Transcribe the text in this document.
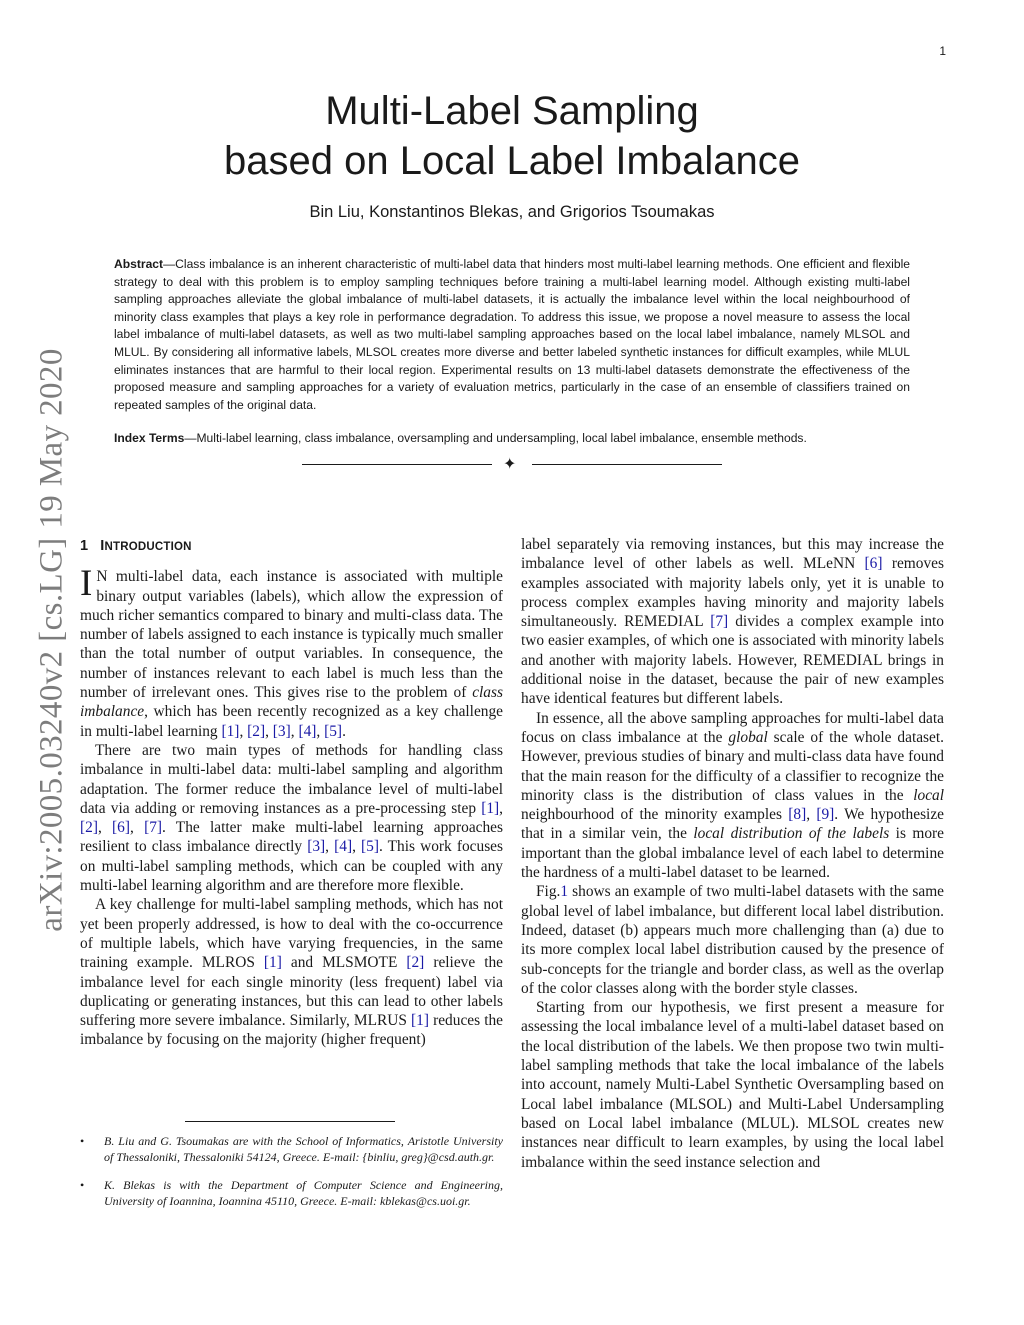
1
arXiv:2005.03240v2 [cs.LG] 19 May 2020
Multi-Label Sampling
based on Local Label Imbalance
Bin Liu, Konstantinos Blekas, and Grigorios Tsoumakas

Abstract—Class imbalance is an inherent characteristic of multi-label data that hinders most multi-label learning methods. One efficient and flexible strategy to deal with this problem is to employ sampling techniques before training a multi-label learning model. Although existing multi-label sampling approaches alleviate the global imbalance of multi-label datasets, it is actually the imbalance level within the local neighbourhood of minority class examples that plays a key role in performance degradation. To address this issue, we propose a novel measure to assess the local label imbalance of multi-label datasets, as well as two multi-label sampling approaches based on the local label imbalance, namely MLSOL and MLUL. By considering all informative labels, MLSOL creates more diverse and better labeled synthetic instances for difficult examples, while MLUL eliminates instances that are harmful to their local region. Experimental results on 13 multi-label datasets demonstrate the effectiveness of the proposed measure and sampling approaches for a variety of evaluation metrics, particularly in the case of an ensemble of classifiers trained on repeated samples of the original data.

Index Terms—Multi-label learning, class imbalance, oversampling and undersampling, local label imbalance, ensemble methods.

✦
1 INTRODUCTION

I N multi-label data, each instance is associated with multiple binary output variables (labels), which allow the expression of much richer semantics compared to binary and multi-class data. The number of labels assigned to each instance is typically much smaller than the total number of output variables. In consequence, the number of instances relevant to each label is much less than the number of irrelevant ones. This gives rise to the problem of class imbalance, which has been recently recognized as a key challenge in multi-label learning [1], [2], [3], [4], [5].

There are two main types of methods for handling class imbalance in multi-label data: multi-label sampling and algorithm adaptation. The former reduce the imbalance level of multi-label data via adding or removing instances as a pre-processing step [1], [2], [6], [7]. The latter make multi-label learning approaches resilient to class imbalance directly [3], [4], [5]. This work focuses on multi-label sampling methods, which can be coupled with any multi-label learning algorithm and are therefore more flexible.

A key challenge for multi-label sampling methods, which has not yet been properly addressed, is how to deal with the co-occurrence of multiple labels, which have varying frequencies, in the same training example. MLROS [1] and MLSMOTE [2] relieve the imbalance level for each single minority (less frequent) label via duplicating or generating instances, but this can lead to other labels suffering more severe imbalance. Similarly, MLRUS [1] reduces the imbalance by focusing on the majority (higher frequent)

• B. Liu and G. Tsoumakas are with the School of Informatics, Aristotle University of Thessaloniki, Thessaloniki 54124, Greece. E-mail: {binliu, greg}@csd.auth.gr.
• K. Blekas is with the Department of Computer Science and Engineering, University of Ioannina, Ioannina 45110, Greece. E-mail: kblekas@cs.uoi.gr.

label separately via removing instances, but this may increase the imbalance level of other labels as well. MLeNN [6] removes examples associated with majority labels only, yet it is unable to process complex examples having minority and majority labels simultaneously. REMEDIAL [7] divides a complex example into two easier examples, of which one is associated with minority labels and another with majority labels. However, REMEDIAL brings in additional noise in the dataset, because the pair of new examples have identical features but different labels.

In essence, all the above sampling approaches for multi-label data focus on class imbalance at the global scale of the whole dataset. However, previous studies of binary and multi-class data have found that the main reason for the difficulty of a classifier to recognize the minority class is the distribution of class values in the local neighbourhood of the minority examples [8], [9]. We hypothesize that in a similar vein, the local distribution of the labels is more important than the global imbalance level of each label to determine the hardness of a multi-label dataset to be learned.

Fig.1 shows an example of two multi-label datasets with the same global level of label imbalance, but different local label distribution. Indeed, dataset (b) appears much more challenging than (a) due to its more complex local label distribution caused by the presence of sub-concepts for the triangle and border class, as well as the overlap of the color classes along with the border style classes.

Starting from our hypothesis, we first present a measure for assessing the local imbalance level of a multi-label dataset based on the local distribution of the labels. We then propose two twin multi-label sampling methods that take the local imbalance of the labels into account, namely Multi-Label Synthetic Oversampling based on Local label imbalance (MLSOL) and Multi-Label Undersampling based on Local label imbalance (MLUL). MLSOL creates new instances near difficult to learn examples, by using the local label imbalance within the seed instance selection and
